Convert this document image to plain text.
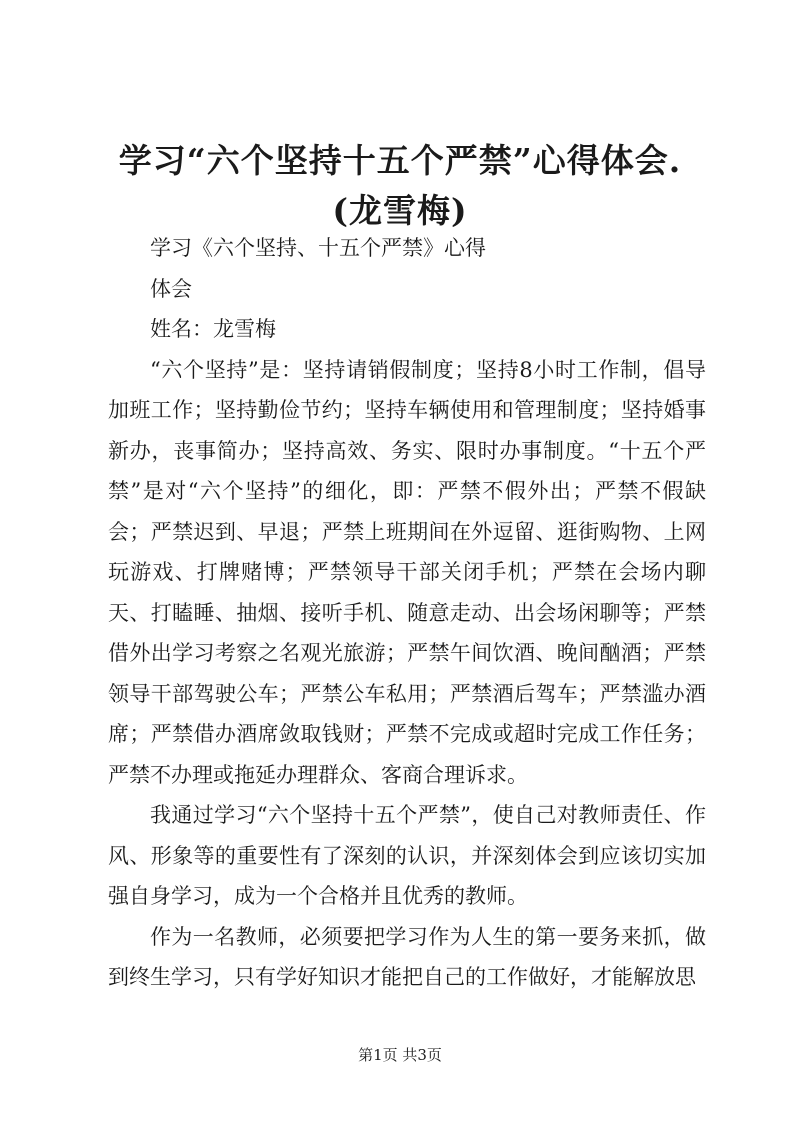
学习“六个坚持十五个严禁”心得体会.(龙雪梅)

学习《六个坚持、十五个严禁》心得

体会

姓名：龙雪梅

“六个坚持”是：坚持请销假制度；坚持8小时工作制，倡导加班工作；坚持勤俭节约；坚持车辆使用和管理制度；坚持婚事新办，丧事简办；坚持高效、务实、限时办事制度。“十五个严禁”是对“六个坚持”的细化，即：严禁不假外出；严禁不假缺会；严禁迟到、早退；严禁上班期间在外逗留、逛街购物、上网玩游戏、打牌赌博；严禁领导干部关闭手机；严禁在会场内聊天、打瞌睡、抽烟、接听手机、随意走动、出会场闲聊等；严禁借外出学习考察之名观光旅游；严禁午间饮酒、晚间酗酒；严禁领导干部驾驶公车；严禁公车私用；严禁酒后驾车；严禁滥办酒席；严禁借办酒席敛取钱财；严禁不完成或超时完成工作任务；严禁不办理或拖延办理群众、客商合理诉求。

我通过学习“六个坚持十五个严禁”，使自己对教师责任、作风、形象等的重要性有了深刻的认识，并深刻体会到应该切实加强自身学习，成为一个合格并且优秀的教师。

作为一名教师，必须要把学习作为人生的第一要务来抓，做到终生学习，只有学好知识才能把自己的工作做好，才能解放思

第1页 共3页
